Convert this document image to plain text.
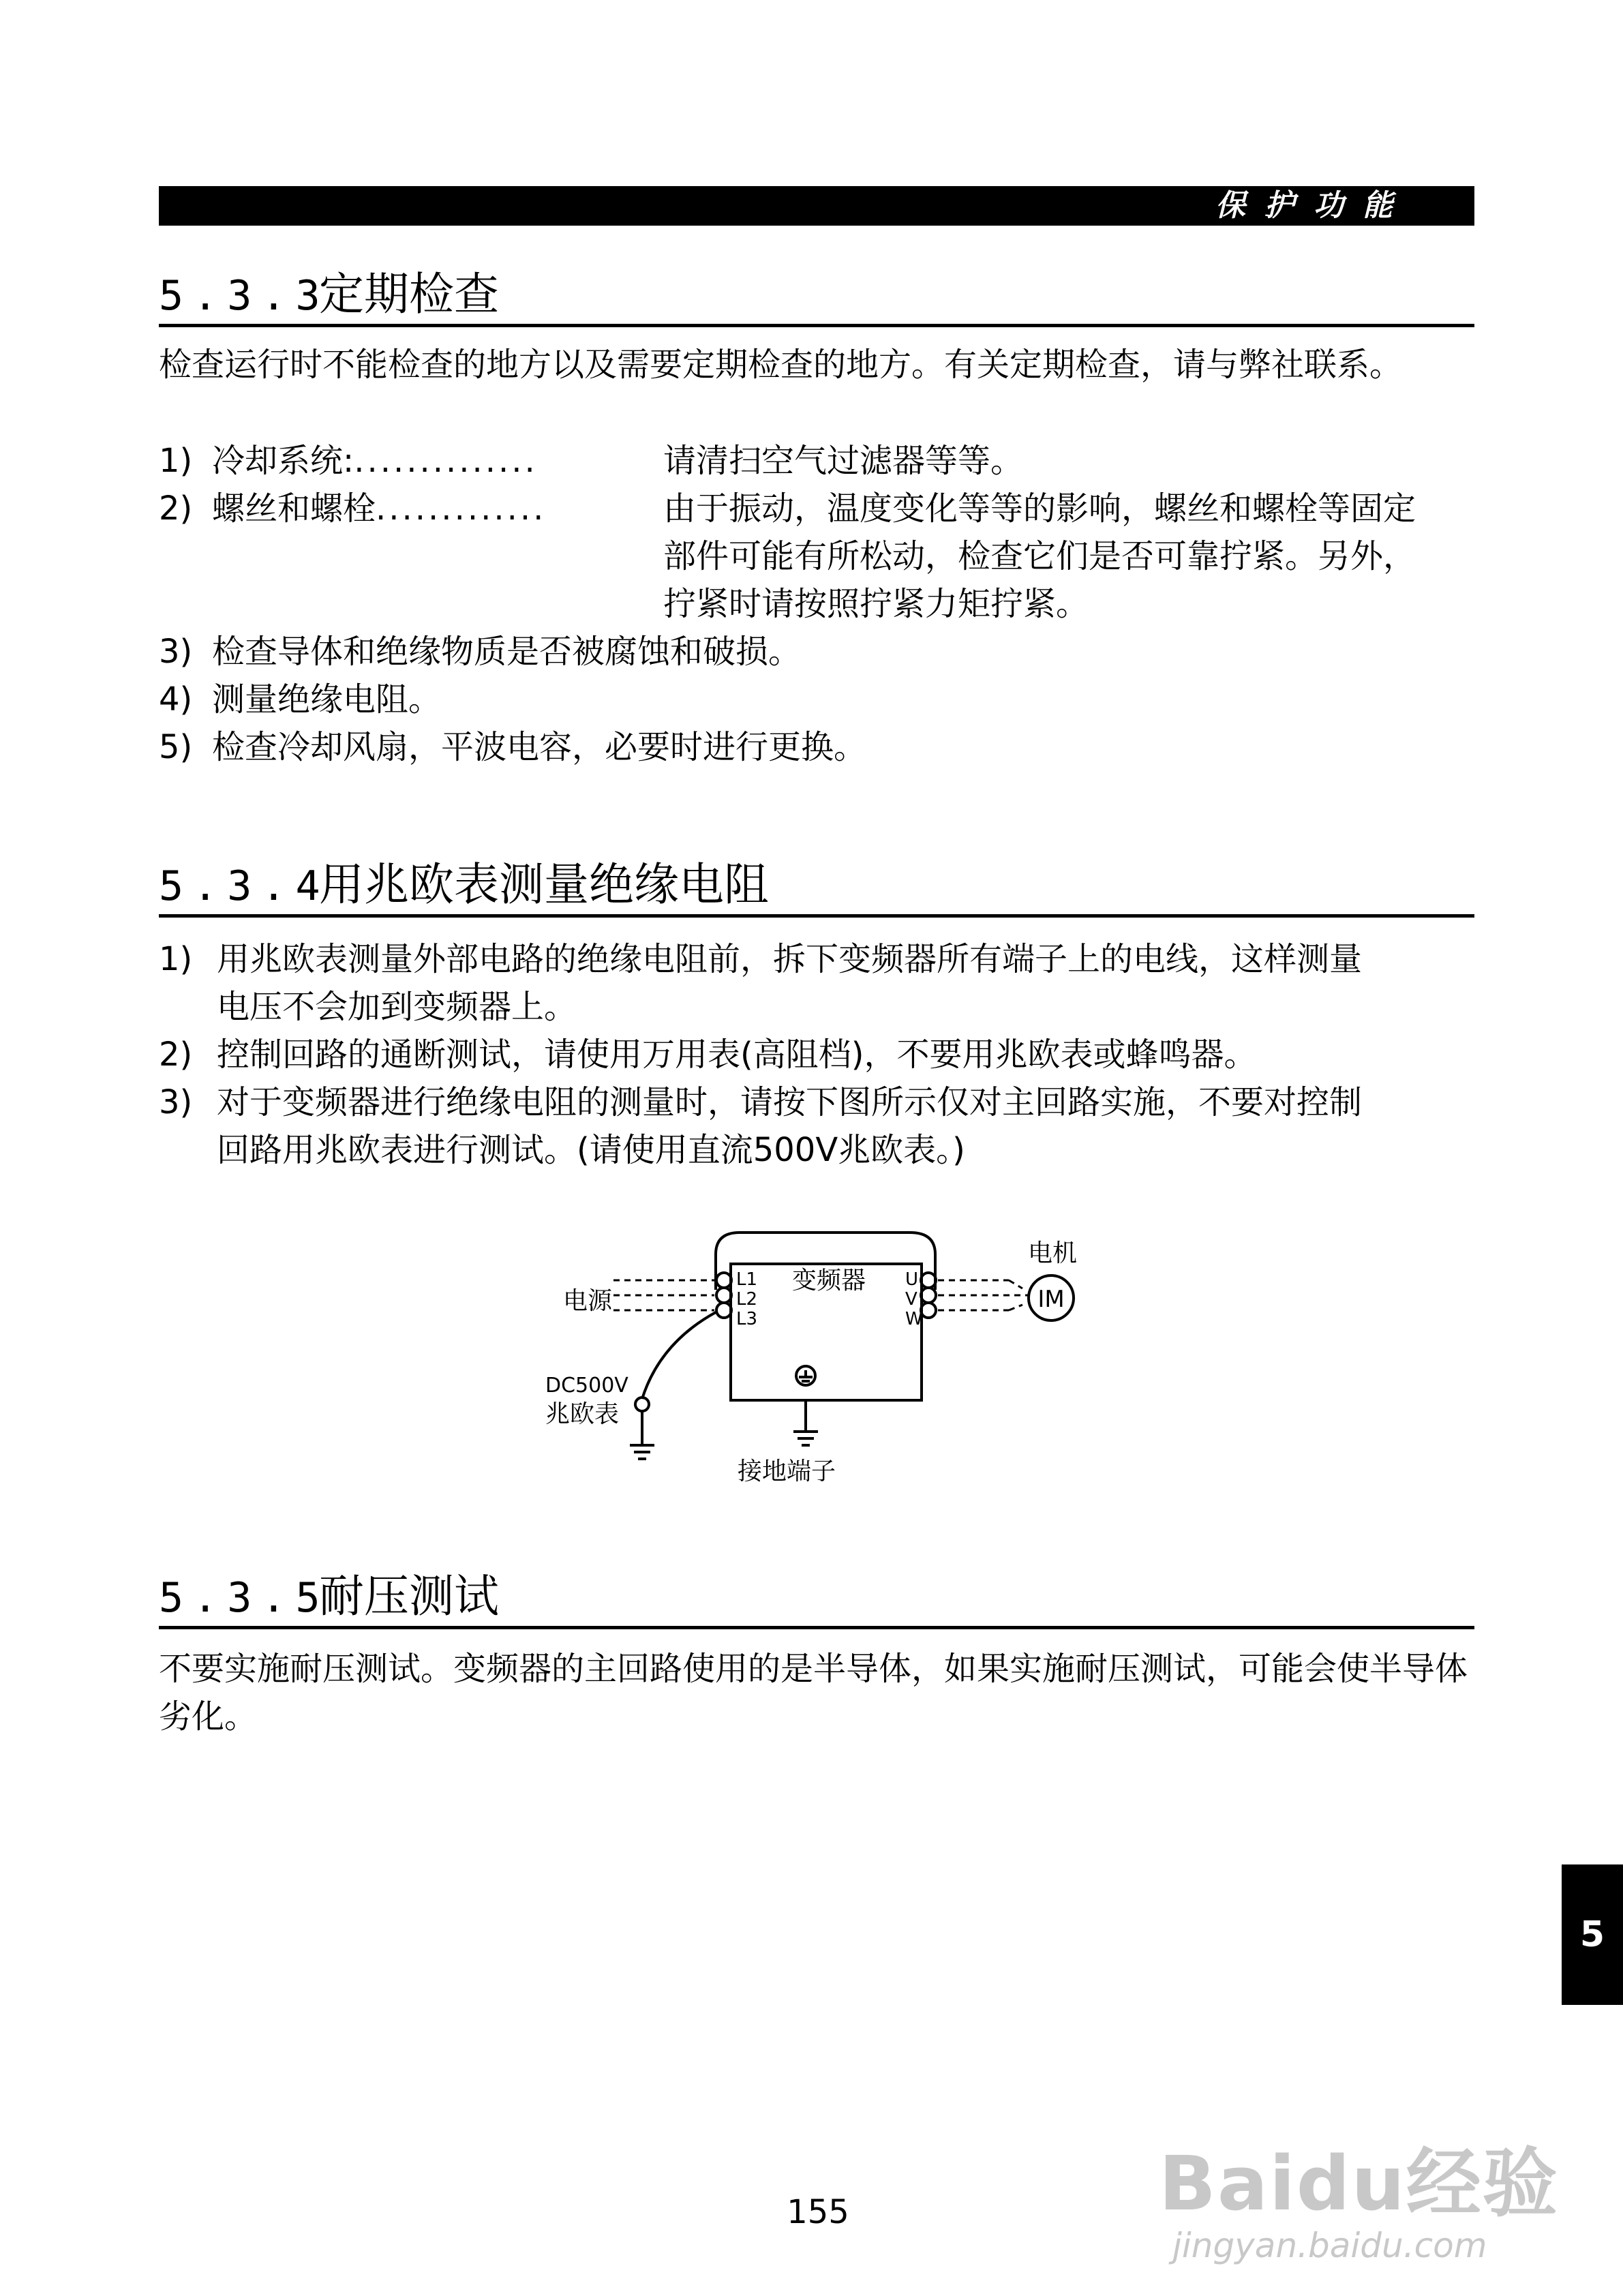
保护功能
5.3.3定期检查
检查运行时不能检查的地方以及需要定期检查的地方。有关定期检查，请与弊社联系。
1) 冷却系统:..............	请清扫空气过滤器等等。
2) 螺丝和螺栓.............	由于振动，温度变化等等的影响，螺丝和螺栓等固定
部件可能有所松动，检查它们是否可靠拧紧。另外，
拧紧时请按照拧紧力矩拧紧。
3) 检查导体和绝缘物质是否被腐蚀和破损。
4) 测量绝缘电阻。
5) 检查冷却风扇，平波电容，必要时进行更换。
5.3.4用兆欧表测量绝缘电阻
1) 用兆欧表测量外部电路的绝缘电阻前，拆下变频器所有端子上的电线，这样测量
电压不会加到变频器上。
2) 控制回路的通断测试，请使用万用表(高阻档)，不要用兆欧表或蜂鸣器。
3) 对于变频器进行绝缘电阻的测量时，请按下图所示仅对主回路实施，不要对控制
回路用兆欧表进行测试。(请使用直流500V兆欧表。)
电源
电机
变频器
IM
L1
L2
L3
U
V
W
DC500V
兆欧表
接地端子
5.3.5耐压测试
不要实施耐压测试。变频器的主回路使用的是半导体，如果实施耐压测试，可能会使半导体劣化。
5
Baidu经验
jingyan.baidu.com
155
